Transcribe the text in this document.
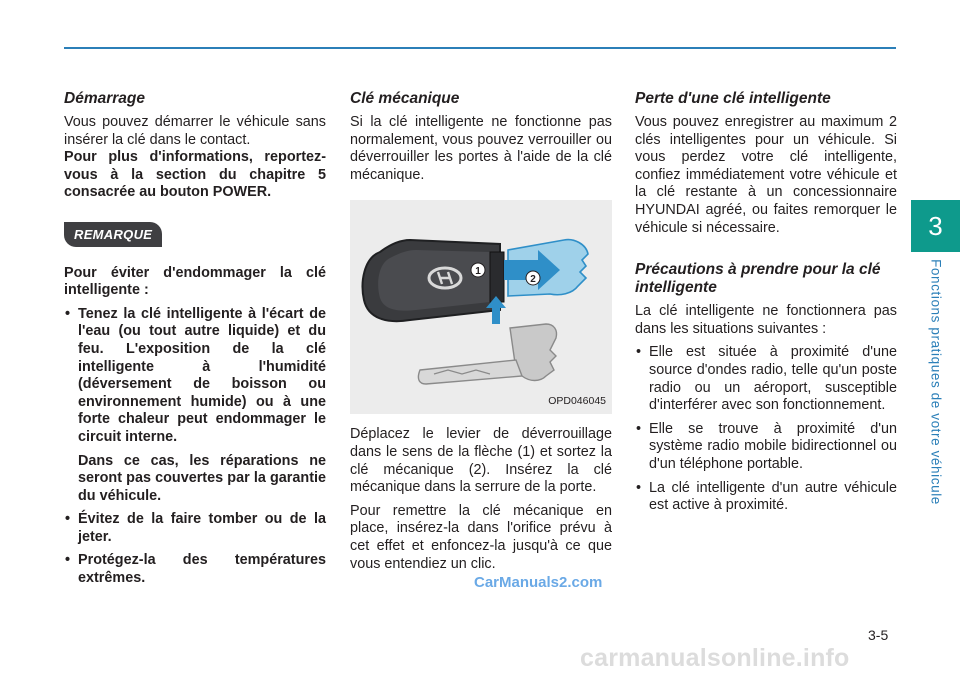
Démarrage

Vous pouvez démarrer le véhicule sans insérer la clé dans le contact.

Pour plus d'informations, reportez-vous à la section du chapitre 5 consacrée au bouton POWER.

REMARQUE

Pour éviter d'endommager la clé intelligente :

• Tenez la clé intelligente à l'écart de l'eau (ou tout autre liquide) et du feu. L'exposition de la clé intelligente à l'humidité (déversement de boisson ou environnement humide) ou à une forte chaleur peut endommager le circuit interne.

Dans ce cas, les réparations ne seront pas couvertes par la garantie du véhicule.

• Évitez de la faire tomber ou de la jeter.
• Protégez-la des températures extrêmes.
Clé mécanique

Si la clé intelligente ne fonctionne pas normalement, vous pouvez verrouiller ou déverrouiller les portes à l'aide de la clé mécanique.

1
2
OPD046045

Déplacez le levier de déverrouillage dans le sens de la flèche (1) et sortez la clé mécanique (2). Insérez la clé mécanique dans la serrure de la porte.

Pour remettre la clé mécanique en place, insérez-la dans l'orifice prévu à cet effet et enfoncez-la jusqu'à ce que vous entendiez un clic.

Perte d'une clé intelligente

Vous pouvez enregistrer au maximum 2 clés intelligentes pour un véhicule. Si vous perdez votre clé intelligente, confiez immédiatement votre véhicule et la clé restante à un concessionnaire HYUNDAI agréé, ou faites remorquer le véhicule si nécessaire.

Précautions à prendre pour la clé intelligente

La clé intelligente ne fonctionnera pas dans les situations suivantes :

• Elle est située à proximité d'une source d'ondes radio, telle qu'un poste radio ou un aéroport, susceptible d'interférer avec son fonctionnement.
• Elle se trouve à proximité d'un système radio mobile bidirectionnel ou d'un téléphone portable.
• La clé intelligente d'un autre véhicule est active à proximité.
3
Fonctions pratiques de votre véhicule
CarManuals2.com
3-5
carmanualsonline.info
